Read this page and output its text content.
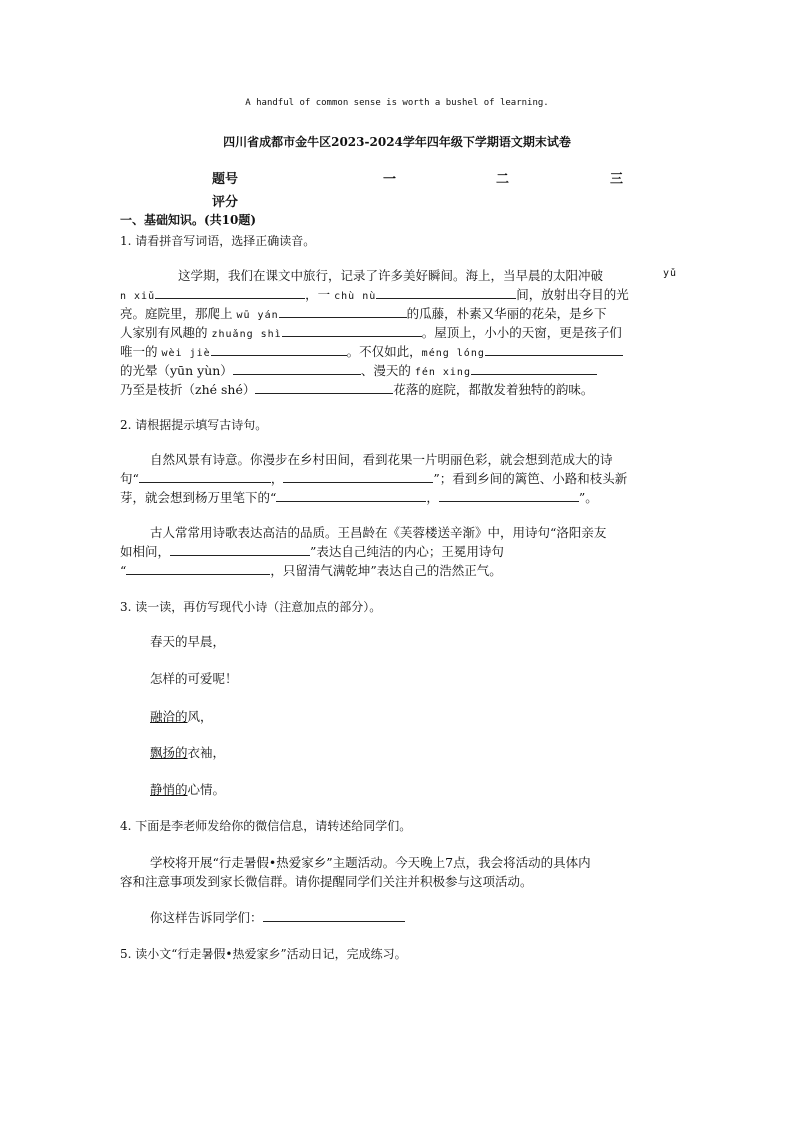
A handful of common sense is worth a bushel of learning.
四川省成都市金牛区2023-2024学年四年级下学期语文期末试卷
题号	一	二	三
评分
一、基础知识。(共10题)
1. 请看拼音写词语，选择正确读音。
这学期，我们在课文中旅行，记录了许多美好瞬间。海上，当早晨的太阳冲破	yǔ
n xiǔ	，一 chù nù	间，放射出夺目的光
亮。庭院里，那爬上 wū yán	的瓜藤，朴素又华丽的花朵，是乡下
人家别有风趣的 zhuǎng shì	。屋顶上，小小的天窗，更是孩子们
唯一的 wèi jiè	。不仅如此，méng lóng
的光晕（yūn yùn）	、漫天的 fén xing
乃至是枝折（zhé shé）	花落的庭院，都散发着独特的韵味。
2. 请根据提示填写古诗句。
自然风景有诗意。你漫步在乡村田间，看到花果一片明丽色彩，就会想到范成大的诗
句“	，	”；看到乡间的篱笆、小路和枝头新
芽，就会想到杨万里笔下的“	，	”。
古人常常用诗歌表达高洁的品质。王昌龄在《芙蓉楼送辛渐》中，用诗句“洛阳亲友
如相问，	”表达自己纯洁的内心；王冕用诗句
“	，只留清气满乾坤”表达自己的浩然正气。
3. 读一读，再仿写现代小诗（注意加点的部分）。
春天的早晨，
怎样的可爱呢！
融洽的风，
飘扬的衣袖，
静悄的心情。
4. 下面是李老师发给你的微信信息，请转述给同学们。
学校将开展“行走暑假•热爱家乡”主题活动。今天晚上7点，我会将活动的具体内
容和注意事项发到家长微信群。请你提醒同学们关注并积极参与这项活动。
你这样告诉同学们：
5. 读小文“行走暑假•热爱家乡”活动日记，完成练习。
